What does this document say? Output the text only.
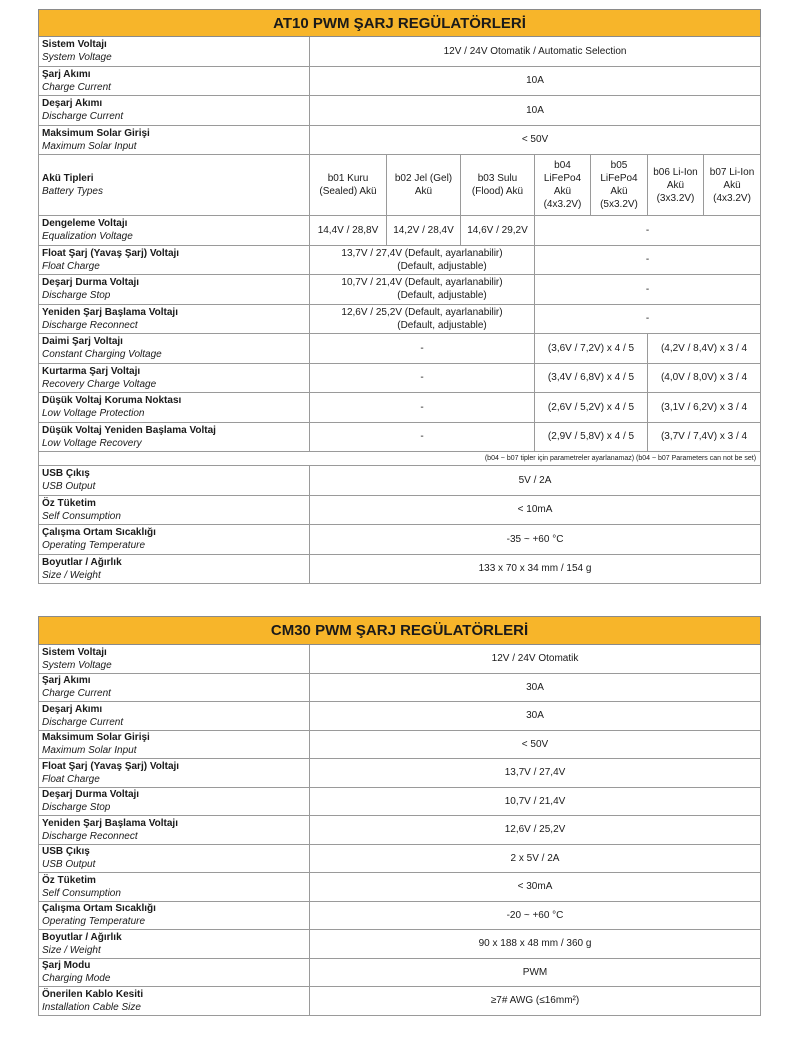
AT10 PWM ŞARJ REGÜLATÖRLERİ							

Sistem Voltajı
System Voltage	12V / 24V Otomatik / Automatic Selection						

Şarj Akımı
Charge Current	10A						

Deşarj Akımı
Discharge Current	10A						

Maksimum Solar Girişi
Maximum Solar Input	< 50V						

Akü Tipleri
Battery Types	b01 Kuru (Sealed) Akü	b02 Jel (Gel) Akü	b03 Sulu (Flood) Akü	b04 LiFePo4 Akü (4x3.2V)	b05 LiFePo4 Akü (5x3.2V)	b06 Li-Ion Akü (3x3.2V)	b07 Li-Ion Akü (4x3.2V)

Dengeleme Voltajı
Equalization Voltage	14,4V / 28,8V	14,2V / 28,4V	14,6V / 29,2V	-			

Float Şarj (Yavaş Şarj) Voltajı
Float Charge	13,7V / 27,4V (Default, ayarlanabilir)
(Default, adjustable)			-			

Deşarj Durma Voltajı
Discharge Stop	10,7V / 21,4V (Default, ayarlanabilir)
(Default, adjustable)			-			

Yeniden Şarj Başlama Voltajı
Discharge Reconnect	12,6V / 25,2V (Default, ayarlanabilir)
(Default, adjustable)			-			

Daimi Şarj Voltajı
Constant Charging Voltage	-			(3,6V / 7,2V) x 4 / 5		(4,2V / 8,4V) x 3 / 4	

Kurtarma Şarj Voltajı
Recovery Charge Voltage	-			(3,4V / 6,8V) x 4 / 5		(4,0V / 8,0V) x 3 / 4	

Düşük Voltaj Koruma Noktası
Low Voltage Protection	-			(2,6V / 5,2V) x 4 / 5		(3,1V / 6,2V) x 3 / 4	

Düşük Voltaj Yeniden Başlama Voltaj
Low Voltage Recovery	-			(2,9V / 5,8V) x 4 / 5		(3,7V / 7,4V) x 3 / 4	
(b04 ~ b07 tipler için parametreler ayarlanamaz) (b04 ~ b07 Parameters can not be set)							

USB Çıkış
USB Output	5V / 2A						

Öz Tüketim
Self Consumption	< 10mA						

Çalışma Ortam Sıcaklığı
Operating Temperature	-35 ~ +60 °C						

Boyutlar / Ağırlık
Size / Weight	133 x 70 x 34 mm / 154 g						
CM30 PWM ŞARJ REGÜLATÖRLERİ	

Sistem Voltajı
System Voltage	12V / 24V Otomatik

Şarj Akımı
Charge Current	30A

Deşarj Akımı
Discharge Current	30A

Maksimum Solar Girişi
Maximum Solar Input	< 50V

Float Şarj (Yavaş Şarj) Voltajı
Float Charge	13,7V / 27,4V

Deşarj Durma Voltajı
Discharge Stop	10,7V / 21,4V

Yeniden Şarj Başlama Voltajı
Discharge Reconnect	12,6V / 25,2V

USB Çıkış
USB Output	2 x 5V / 2A

Öz Tüketim
Self Consumption	< 30mA

Çalışma Ortam Sıcaklığı
Operating Temperature	-20 ~ +60 °C

Boyutlar / Ağırlık
Size / Weight	90 x 188 x 48 mm / 360 g

Şarj Modu
Charging Mode	PWM

Önerilen Kablo Kesiti
Installation Cable Size	≥7# AWG (≤16mm²)
